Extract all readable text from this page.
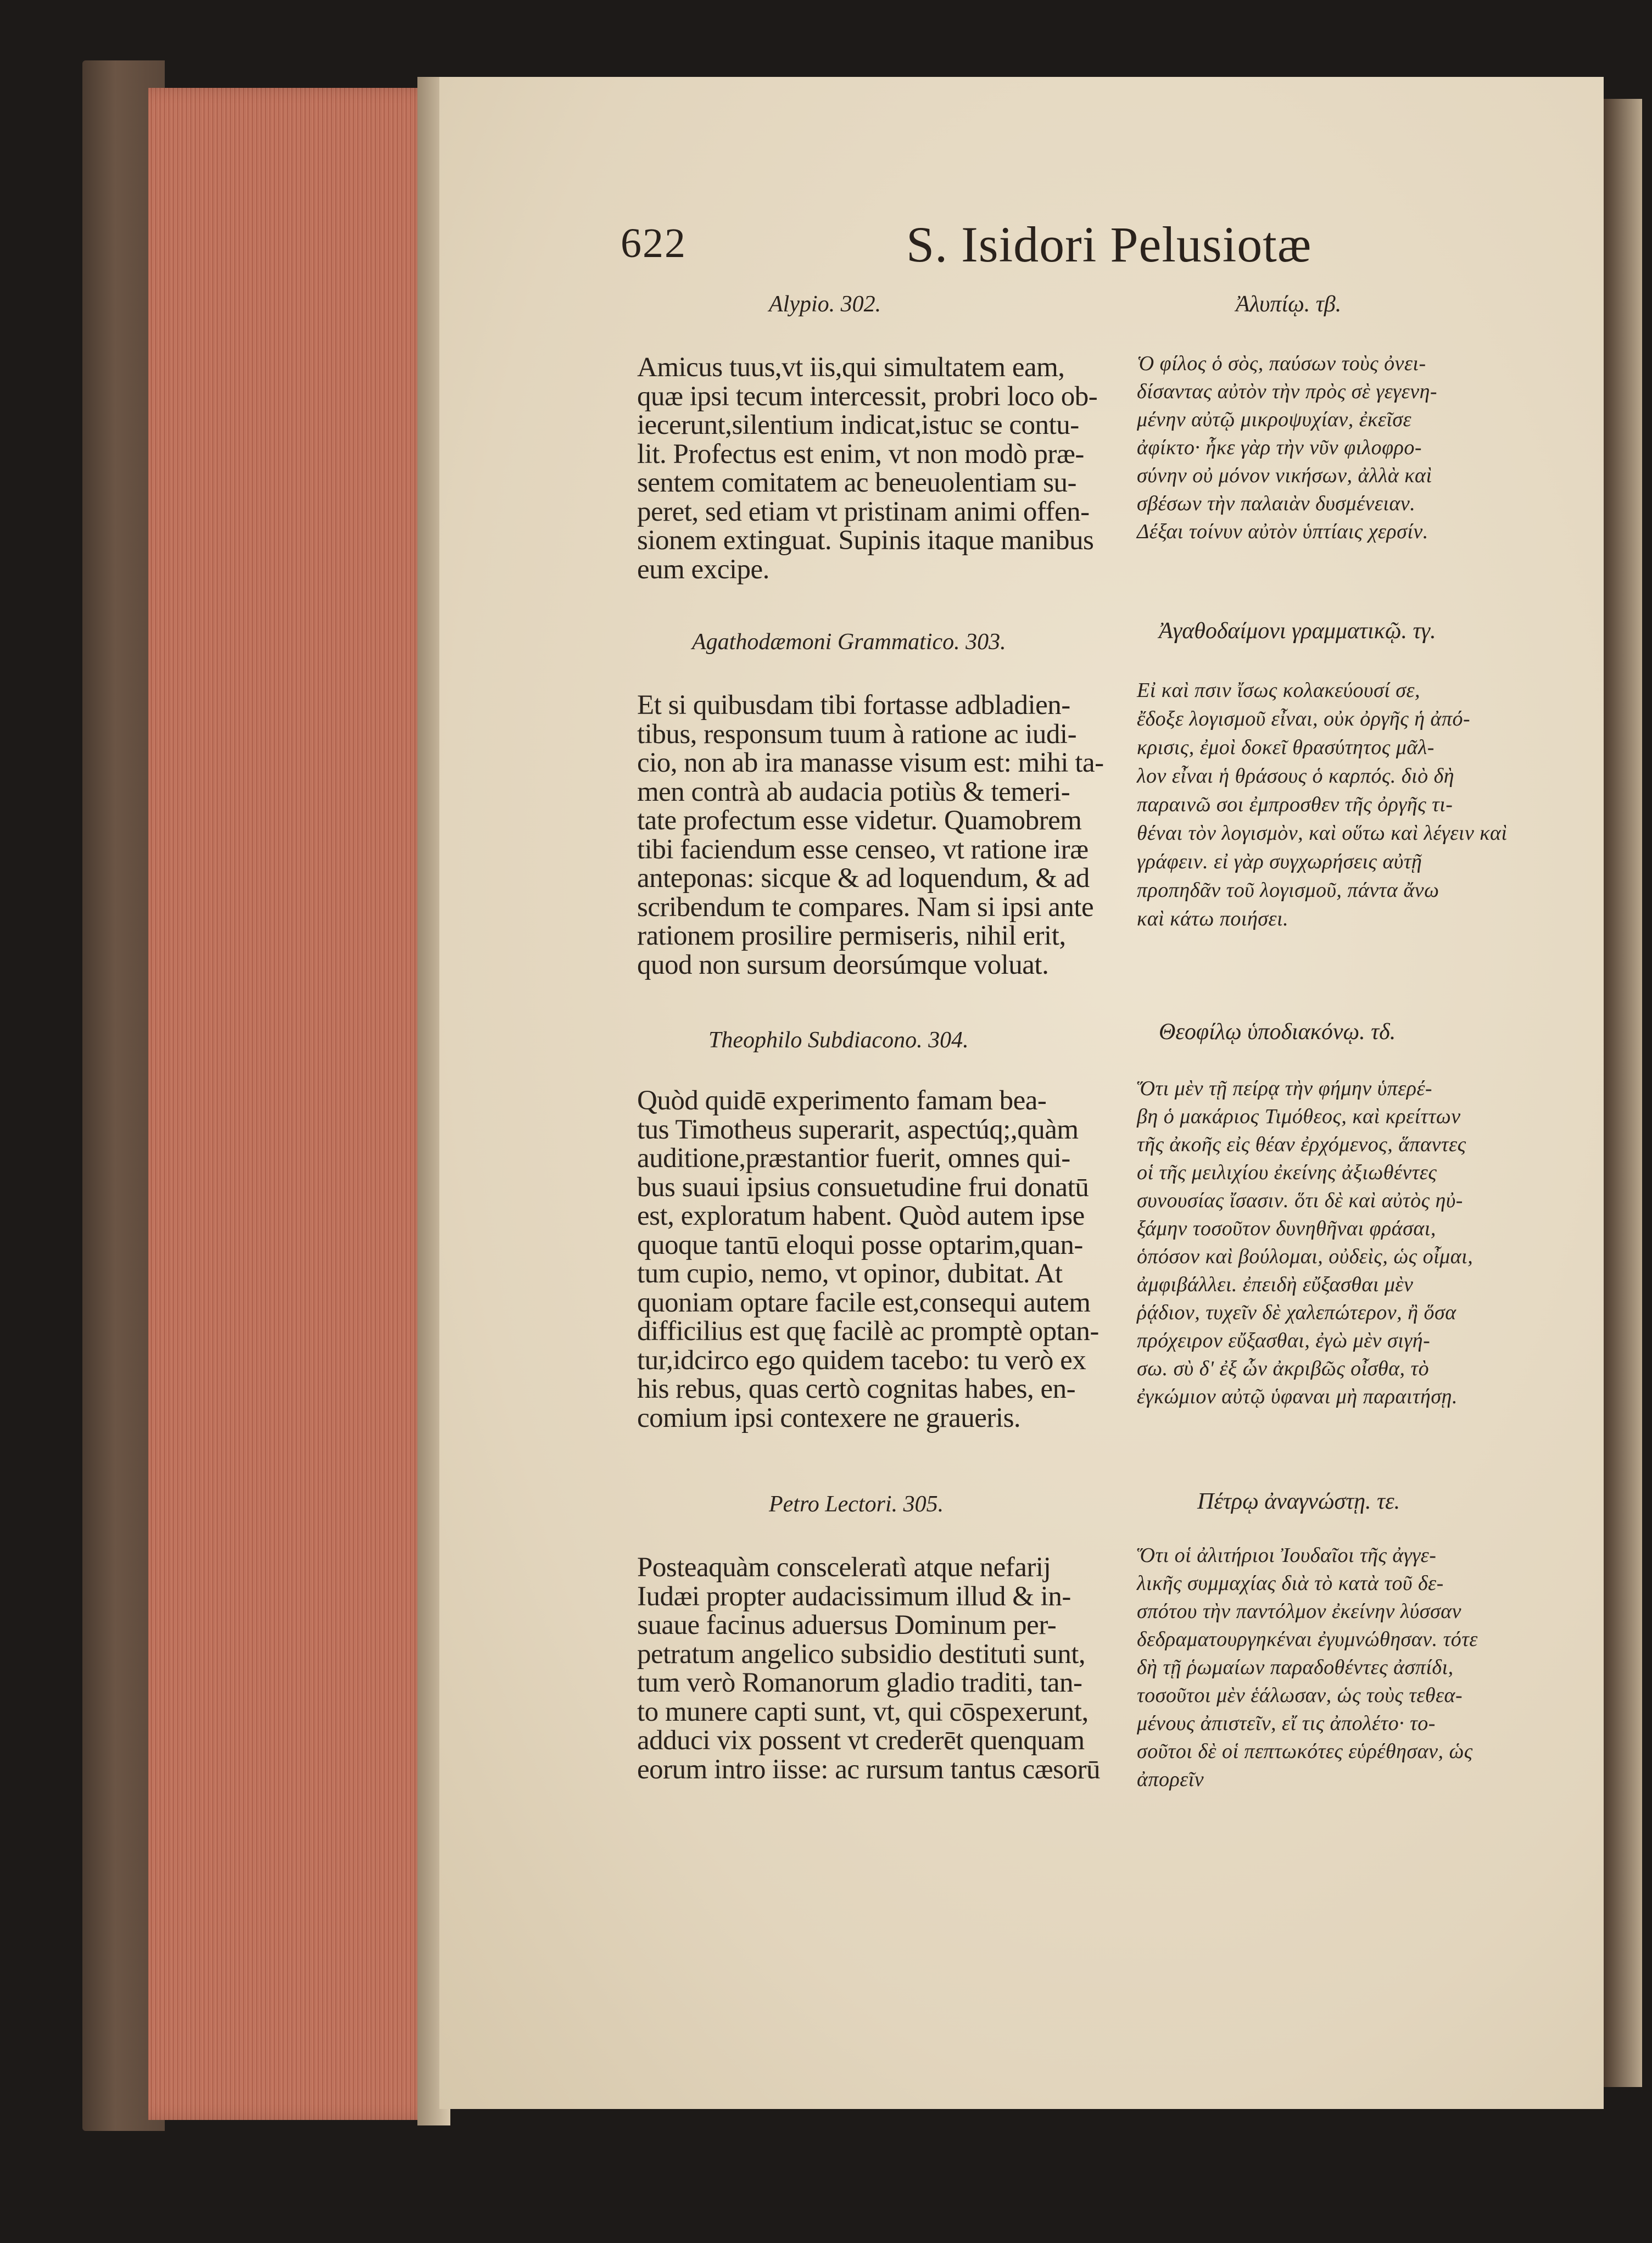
622	S. Isidori Pelusiotæ
Alypio. 302.
Amicus tuus,vt iis,qui simultatem eam,
quæ ipsi tecum intercessit, probri loco ob-
iecerunt,silentium indicat,istuc se contu-
lit. Profectus est enim, vt non modò præ-
sentem comitatem ac beneuolentiam su-
peret, sed etiam vt pristinam animi offen-
sionem extinguat. Supinis itaque manibus
eum excipe.
Agathodæmoni Grammatico. 303.
Et si quibusdam tibi fortasse adbladien-
tibus, responsum tuum à ratione ac iudi-
cio, non ab ira manasse visum est: mihi ta-
men contrà ab audacia potiùs & temeri-
tate profectum esse videtur. Quamobrem
tibi faciendum esse censeo, vt ratione iræ
anteponas: sicque & ad loquendum, & ad
scribendum te compares. Nam si ipsi ante
rationem prosilire permiseris, nihil erit,
quod non sursum deorsúmque voluat.
Theophilo Subdiacono. 304.
Quòd quidē experimento famam bea-
tus Timotheus superarit, aspectúq;,quàm
auditione,præstantior fuerit, omnes qui-
bus suaui ipsius consuetudine frui donatū
est, exploratum habent. Quòd autem ipse
quoque tantū eloqui posse optarim,quan-
tum cupio, nemo, vt opinor, dubitat. At
quoniam optare facile est,consequi autem
difficilius est quę facilè ac promptè optan-
tur,idcirco ego quidem tacebo: tu verò ex
his rebus, quas certò cognitas habes, en-
comium ipsi contexere ne graueris.
Petro Lectori. 305.
Posteaquàm consceleratì atque nefarij
Iudæi propter audacissimum illud & in-
suaue facinus aduersus Dominum per-
petratum angelico subsidio destituti sunt,
tum verò Romanorum gladio traditi, tan-
to munere capti sunt, vt, qui cōspexerunt,
adduci vix possent vt crederēt quenquam
eorum intro iisse: ac rursum tantus cæsorū
Ἀλυπίῳ. τβ.
Ὁ φίλος ὁ σὸς, παύσων τοὺς ὀνει-
δίσαντας αὐτὸν τὴν πρὸς σὲ γεγενη-
μένην αὐτῷ μικροψυχίαν, ἐκεῖσε
ἀφίκτο· ἧκε γὰρ τὴν νῦν φιλοφρο-
σύνην οὐ μόνον νικήσων, ἀλλὰ καὶ
σβέσων τὴν παλαιὰν δυσμένειαν.
Δέξαι τοίνυν αὐτὸν ὑπτίαις χερσίν.
Ἀγαθοδαίμονι γραμματικῷ. τγ.
Εἰ καὶ πσιν ἴσως κολακεύουσί σε,
ἔδοξε λογισμοῦ εἶναι, οὐκ ὀργῆς ἡ ἀπό-
κρισις, ἐμοὶ δοκεῖ θρασύτητος μᾶλ-
λον εἶναι ἡ θράσους ὁ καρπός. διὸ δὴ
παραινῶ σοι ἐμπροσθεν τῆς ὀργῆς τι-
θέναι τὸν λογισμὸν, καὶ οὕτω καὶ λέγειν καὶ
γράφειν. εἰ γὰρ συγχωρήσεις αὐτῇ
προπηδᾶν τοῦ λογισμοῦ, πάντα ἄνω
καὶ κάτω ποιήσει.
Θεοφίλῳ ὑποδιακόνῳ. τδ.
Ὅτι μὲν τῇ πείρᾳ τὴν φήμην ὑπερέ-
βη ὁ μακάριος Τιμόθεος, καὶ κρείττων
τῆς ἀκοῆς εἰς θέαν ἐρχόμενος, ἅπαντες
οἱ τῆς μειλιχίου ἐκείνης ἀξιωθέντες
συνουσίας ἴσασιν. ὅτι δὲ καὶ αὐτὸς ηὐ-
ξάμην τοσοῦτον δυνηθῆναι φράσαι,
ὁπόσον καὶ βούλομαι, οὐδεὶς, ὡς οἶμαι,
ἀμφιβάλλει. ἐπειδὴ εὔξασθαι μὲν
ῥᾴδιον, τυχεῖν δὲ χαλεπώτερον, ἢ ὅσα
πρόχειρον εὔξασθαι, ἐγὼ μὲν σιγή-
σω. σὺ δ' ἐξ ὧν ἀκριβῶς οἶσθα, τὸ
ἐγκώμιον αὐτῷ ὑφαναι μὴ παραιτήσῃ.
Πέτρῳ ἀναγνώστῃ. τε.
Ὅτι οἱ ἀλιτήριοι Ἰουδαῖοι τῆς ἀγγε-
λικῆς συμμαχίας διὰ τὸ κατὰ τοῦ δε-
σπότου τὴν παντόλμον ἐκείνην λύσσαν
δεδραματουργηκέναι ἐγυμνώθησαν. τότε
δὴ τῇ ῥωμαίων παραδοθέντες ἀσπίδι,
τοσοῦτοι μὲν ἑάλωσαν, ὡς τοὺς τεθεα-
μένους ἀπιστεῖν, εἴ τις ἀπολέτο· το-
σοῦτοι δὲ οἱ πεπτωκότες εὑρέθησαν, ὡς
ἀπορεῖν
